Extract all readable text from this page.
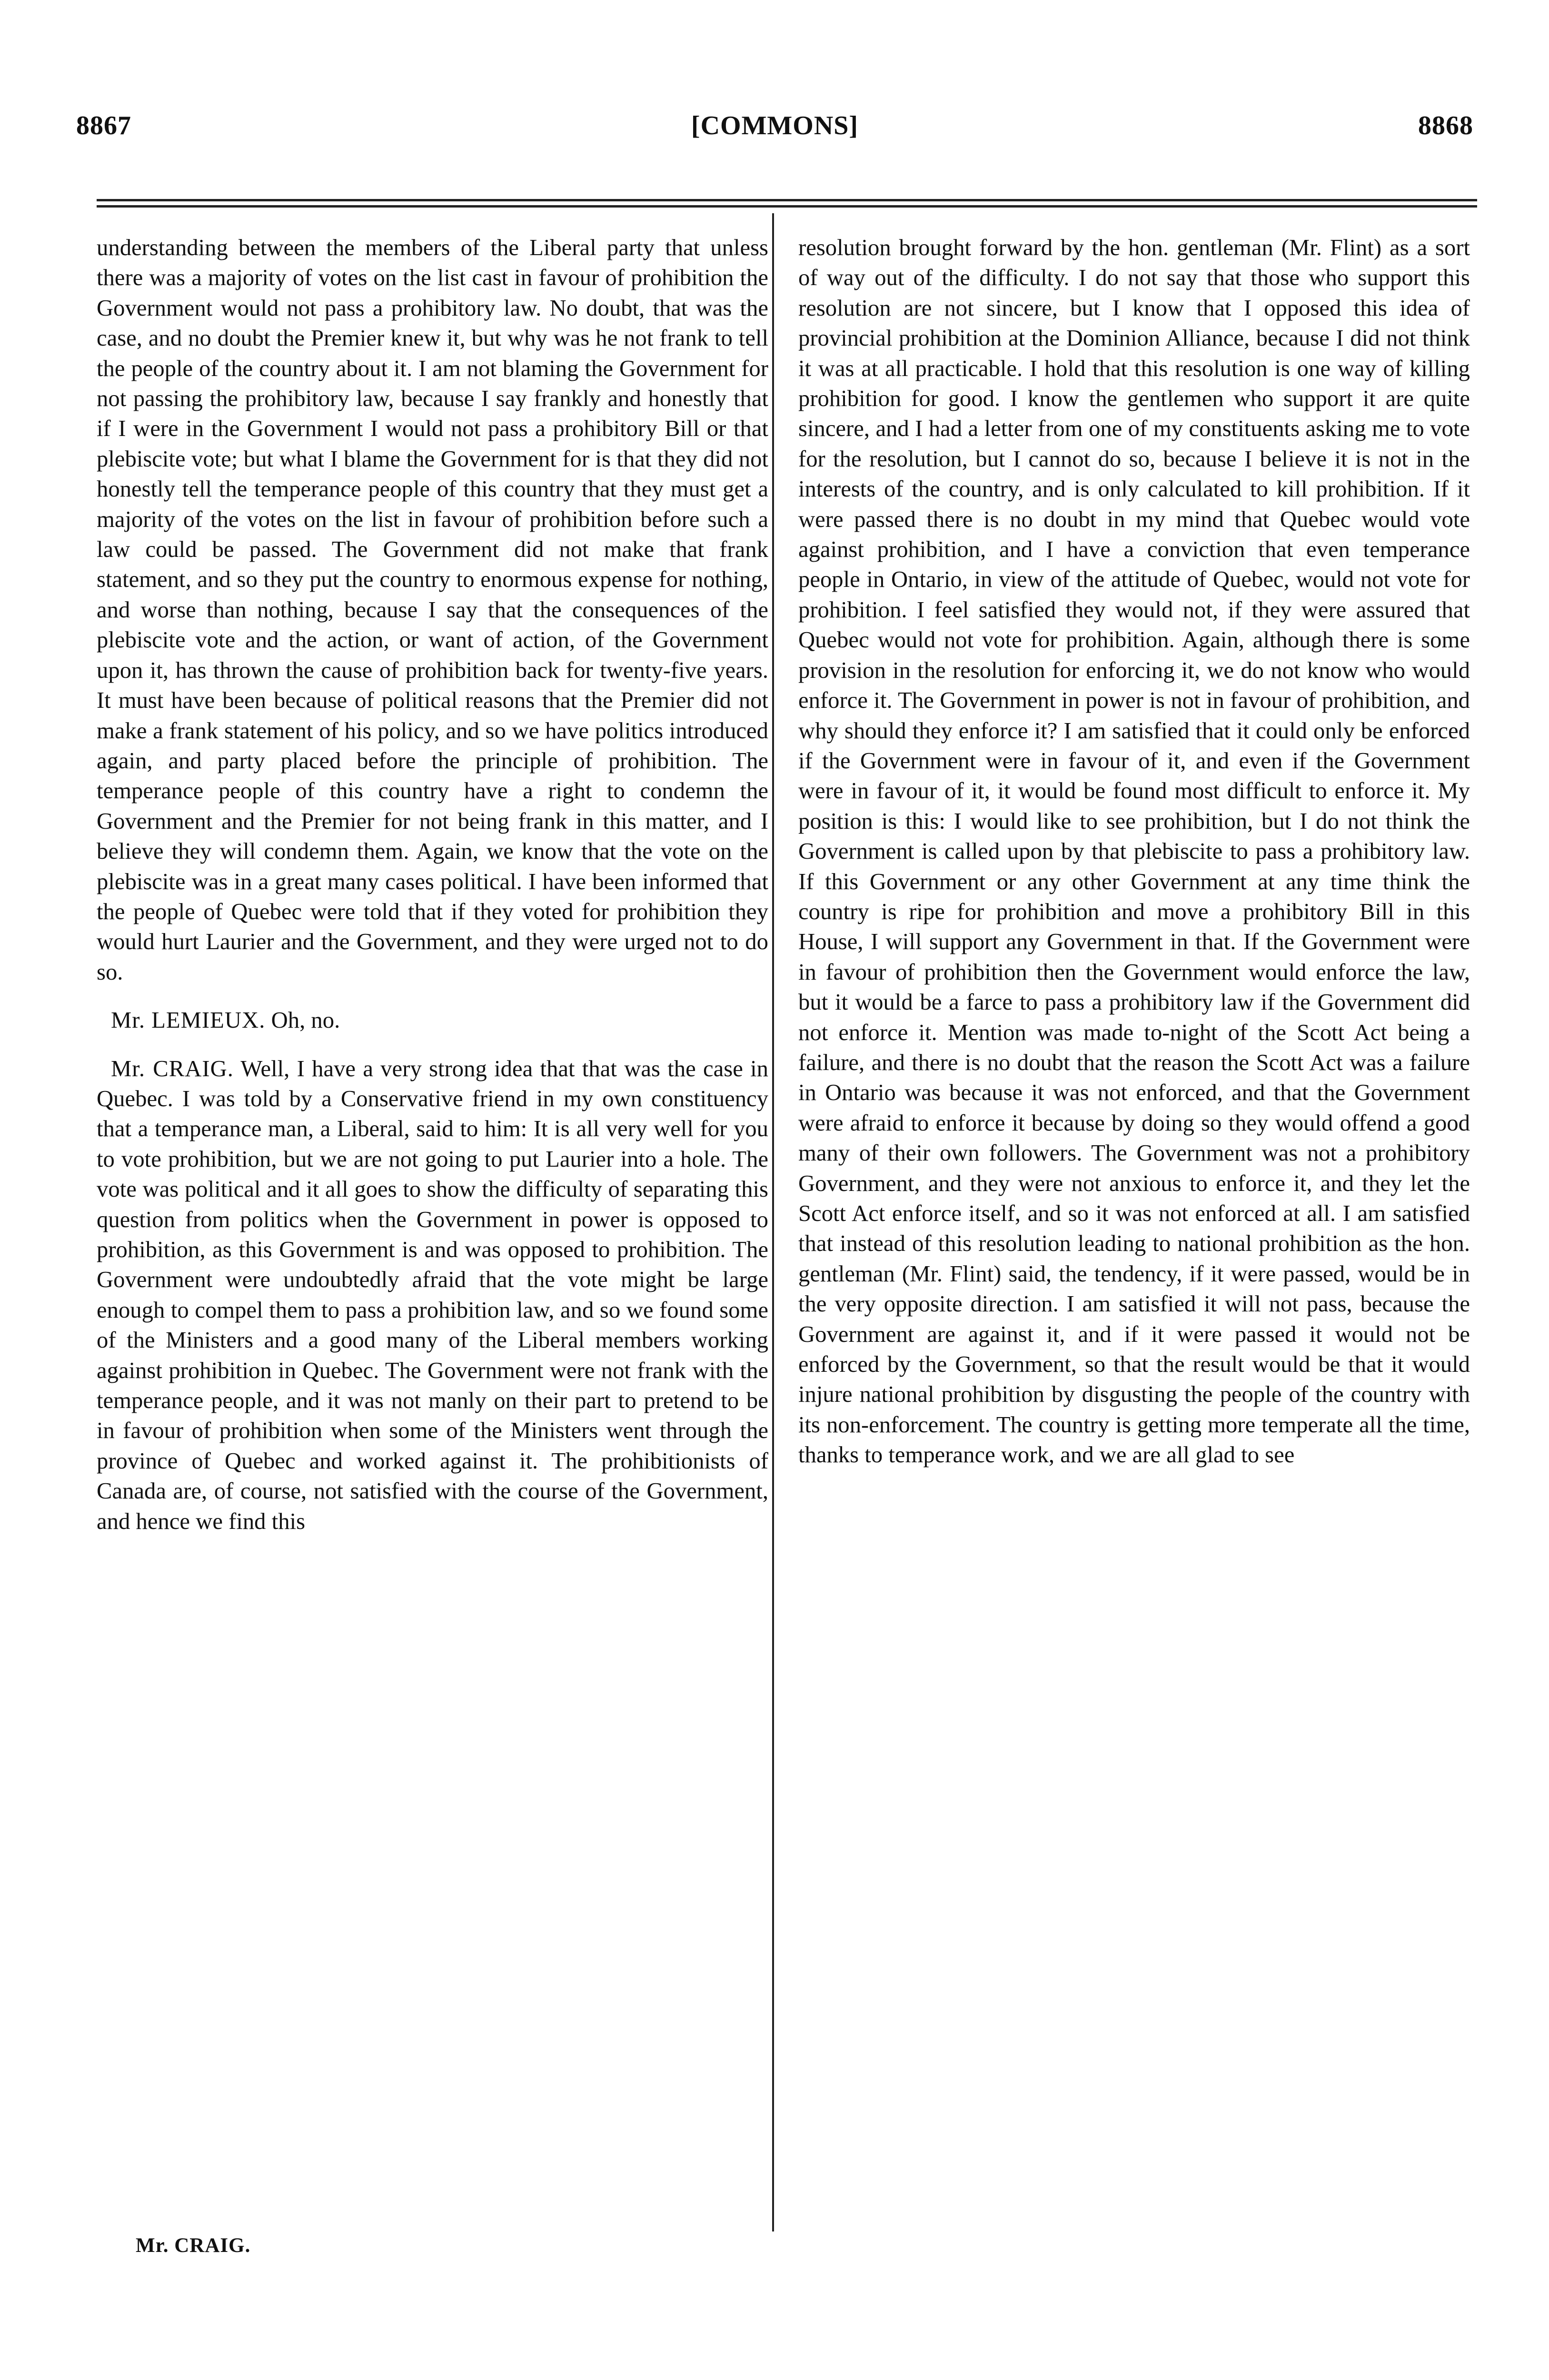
8867	[COMMONS]	8868

understanding between the members of the Liberal party that unless there was a majority of votes on the list cast in favour of prohibition the Government would not pass a prohibitory law. No doubt, that was the case, and no doubt the Premier knew it, but why was he not frank to tell the people of the country about it. I am not blaming the Government for not passing the prohibitory law, because I say frankly and honestly that if I were in the Government I would not pass a prohibitory Bill or that plebiscite vote; but what I blame the Government for is that they did not honestly tell the temperance people of this country that they must get a majority of the votes on the list in favour of prohibition before such a law could be passed. The Government did not make that frank statement, and so they put the country to enormous expense for nothing, and worse than nothing, because I say that the consequences of the plebiscite vote and the action, or want of action, of the Government upon it, has thrown the cause of prohibition back for twenty-five years. It must have been because of political reasons that the Premier did not make a frank statement of his policy, and so we have politics introduced again, and party placed before the principle of prohibition. The temperance people of this country have a right to condemn the Government and the Premier for not being frank in this matter, and I believe they will condemn them. Again, we know that the vote on the plebiscite was in a great many cases political. I have been informed that the people of Quebec were told that if they voted for prohibition they would hurt Laurier and the Government, and they were urged not to do so.

Mr. LEMIEUX. Oh, no.

Mr. CRAIG. Well, I have a very strong idea that that was the case in Quebec. I was told by a Conservative friend in my own constituency that a temperance man, a Liberal, said to him: It is all very well for you to vote prohibition, but we are not going to put Laurier into a hole. The vote was political and it all goes to show the difficulty of separating this question from politics when the Government in power is opposed to prohibition, as this Government is and was opposed to prohibition. The Government were undoubtedly afraid that the vote might be large enough to compel them to pass a prohibition law, and so we found some of the Ministers and a good many of the Liberal members working against prohibition in Quebec. The Government were not frank with the temperance people, and it was not manly on their part to pretend to be in favour of prohibition when some of the Ministers went through the province of Quebec and worked against it. The prohibitionists of Canada are, of course, not satisfied with the course of the Government, and hence we find this

resolution brought forward by the hon. gentleman (Mr. Flint) as a sort of way out of the difficulty. I do not say that those who support this resolution are not sincere, but I know that I opposed this idea of provincial prohibition at the Dominion Alliance, because I did not think it was at all practicable. I hold that this resolution is one way of killing prohibition for good. I know the gentlemen who support it are quite sincere, and I had a letter from one of my constituents asking me to vote for the resolution, but I cannot do so, because I believe it is not in the interests of the country, and is only calculated to kill prohibition. If it were passed there is no doubt in my mind that Quebec would vote against prohibition, and I have a conviction that even temperance people in Ontario, in view of the attitude of Quebec, would not vote for prohibition. I feel satisfied they would not, if they were assured that Quebec would not vote for prohibition. Again, although there is some provision in the resolution for enforcing it, we do not know who would enforce it. The Government in power is not in favour of prohibition, and why should they enforce it? I am satisfied that it could only be enforced if the Government were in favour of it, and even if the Government were in favour of it, it would be found most difficult to enforce it. My position is this: I would like to see prohibition, but I do not think the Government is called upon by that plebiscite to pass a prohibitory law. If this Government or any other Government at any time think the country is ripe for prohibition and move a prohibitory Bill in this House, I will support any Government in that. If the Government were in favour of prohibition then the Government would enforce the law, but it would be a farce to pass a prohibitory law if the Government did not enforce it. Mention was made to-night of the Scott Act being a failure, and there is no doubt that the reason the Scott Act was a failure in Ontario was because it was not enforced, and that the Government were afraid to enforce it because by doing so they would offend a good many of their own followers. The Government was not a prohibitory Government, and they were not anxious to enforce it, and they let the Scott Act enforce itself, and so it was not enforced at all. I am satisfied that instead of this resolution leading to national prohibition as the hon. gentleman (Mr. Flint) said, the tendency, if it were passed, would be in the very opposite direction. I am satisfied it will not pass, because the Government are against it, and if it were passed it would not be enforced by the Government, so that the result would be that it would injure national prohibition by disgusting the people of the country with its non-enforcement. The country is getting more temperate all the time, thanks to temperance work, and we are all glad to see

Mr. CRAIG.
